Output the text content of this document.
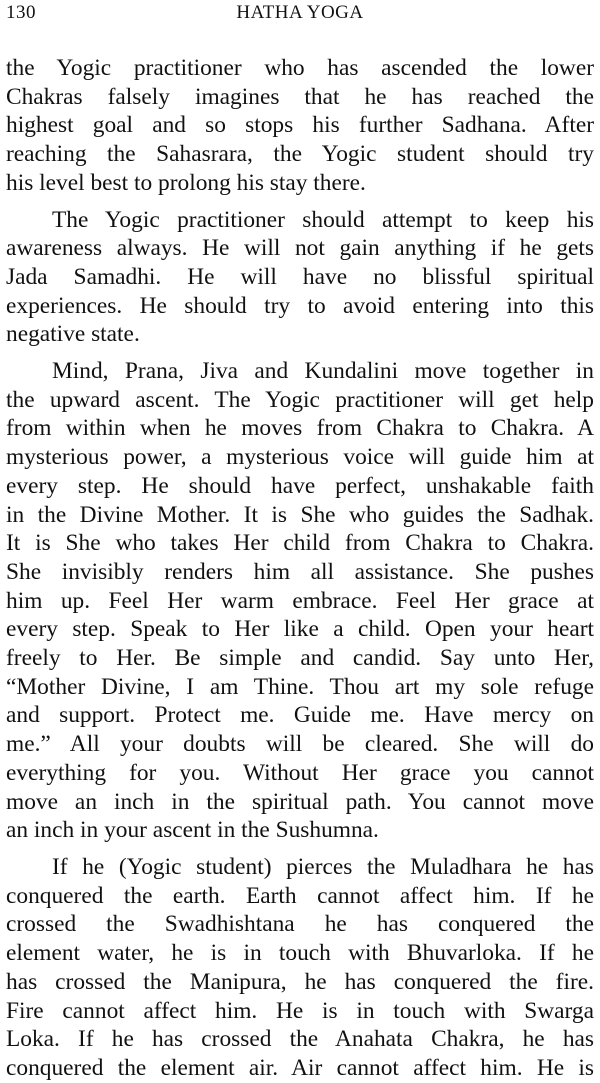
130	HATHA YOGA

the Yogic practitioner who has ascended the lower
Chakras falsely imagines that he has reached the
highest goal and so stops his further Sadhana. After
reaching the Sahasrara, the Yogic student should try
his level best to prolong his stay there.

The Yogic practitioner should attempt to keep his
awareness always. He will not gain anything if he gets
Jada Samadhi. He will have no blissful spiritual
experiences. He should try to avoid entering into this
negative state.

Mind, Prana, Jiva and Kundalini move together in
the upward ascent. The Yogic practitioner will get help
from within when he moves from Chakra to Chakra. A
mysterious power, a mysterious voice will guide him at
every step. He should have perfect, unshakable faith
in the Divine Mother. It is She who guides the Sadhak.
It is She who takes Her child from Chakra to Chakra.
She invisibly renders him all assistance. She pushes
him up. Feel Her warm embrace. Feel Her grace at
every step. Speak to Her like a child. Open your heart
freely to Her. Be simple and candid. Say unto Her,
“Mother Divine, I am Thine. Thou art my sole refuge
and support. Protect me. Guide me. Have mercy on
me.” All your doubts will be cleared. She will do
everything for you. Without Her grace you cannot
move an inch in the spiritual path. You cannot move
an inch in your ascent in the Sushumna.

If he (Yogic student) pierces the Muladhara he has
conquered the earth. Earth cannot affect him. If he
crossed the Swadhishtana he has conquered the
element water, he is in touch with Bhuvarloka. If he
has crossed the Manipura, he has conquered the fire.
Fire cannot affect him. He is in touch with Swarga
Loka. If he has crossed the Anahata Chakra, he has
conquered the element air. Air cannot affect him. He is
